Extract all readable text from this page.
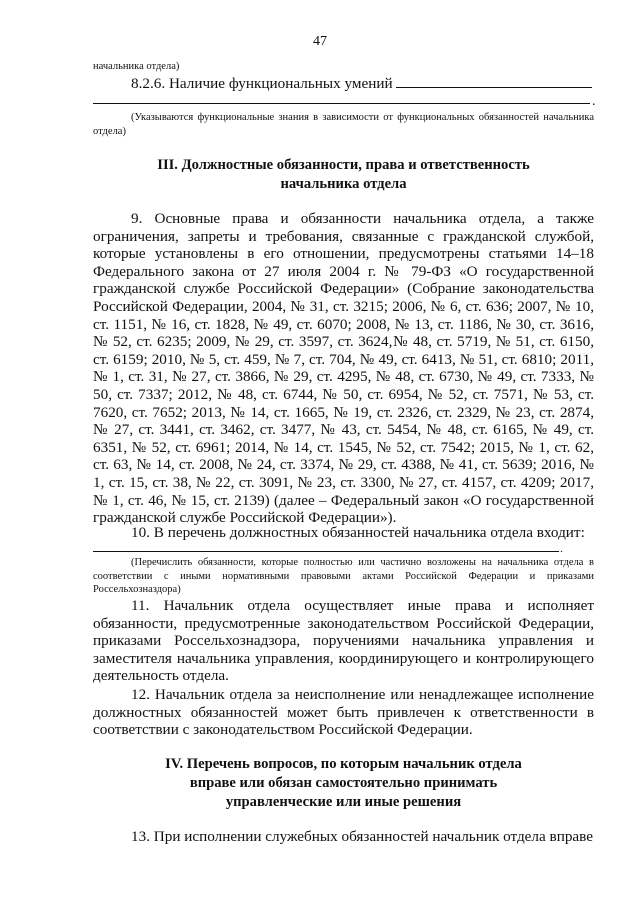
47
начальника отдела)
8.2.6. Наличие функциональных умений
.
(Указываются функциональные знания в зависимости от функциональных обязанностей начальника отдела)
III. Должностные обязанности, права и ответственность
начальника отдела
9. Основные права и обязанности начальника отдела, а также ограничения, запреты и требования, связанные с гражданской службой, которые установлены в его отношении, предусмотрены статьями 14–18 Федерального закона от 27 июля 2004 г. № 79-ФЗ «О государственной гражданской службе Российской Федерации» (Собрание законодательства Российской Федерации, 2004, № 31, ст. 3215; 2006, № 6, ст. 636; 2007, № 10, ст. 1151, № 16, ст. 1828, № 49, ст. 6070; 2008, № 13, ст. 1186, № 30, ст. 3616, № 52, ст. 6235; 2009, № 29, ст. 3597, ст. 3624,№ 48, ст. 5719, № 51, ст. 6150, ст. 6159; 2010, № 5, ст. 459, № 7, ст. 704, № 49, ст. 6413, № 51, ст. 6810; 2011, № 1, ст. 31, № 27, ст. 3866, № 29, ст. 4295, № 48, ст. 6730, № 49, ст. 7333, № 50, ст. 7337; 2012, № 48, ст. 6744, № 50, ст. 6954, № 52, ст. 7571, № 53, ст. 7620, ст. 7652; 2013, № 14, ст. 1665, № 19, ст. 2326, ст. 2329, № 23, ст. 2874, № 27, ст. 3441, ст. 3462, ст. 3477, № 43, ст. 5454, № 48, ст. 6165, № 49, ст. 6351, № 52, ст. 6961; 2014, № 14, ст. 1545, № 52, ст. 7542; 2015, № 1, ст. 62, ст. 63, № 14, ст. 2008, № 24, ст. 3374, № 29, ст. 4388, № 41, ст. 5639; 2016, № 1, ст. 15, ст. 38, № 22, ст. 3091, № 23, ст. 3300, № 27, ст. 4157, ст. 4209; 2017, № 1, ст. 46, № 15, ст. 2139) (далее – Федеральный закон «О государственной гражданской службе Российской Федерации»).
10. В перечень должностных обязанностей начальника отдела входит:
.
(Перечислить обязанности, которые полностью или частично возложены на начальника отдела в соответствии с иными нормативными правовыми актами Российской Федерации и приказами Россельхозназдора)
11. Начальник отдела осуществляет иные права и исполняет обязанности, предусмотренные законодательством Российской Федерации, приказами Россельхознадзора, поручениями начальника управления и заместителя начальника управления, координирующего и контролирующего деятельность отдела.
12. Начальник отдела за неисполнение или ненадлежащее исполнение должностных обязанностей может быть привлечен к ответственности в соответствии с законодательством Российской Федерации.
IV. Перечень вопросов, по которым начальник отдела
вправе или обязан самостоятельно принимать
управленческие или иные решения
13. При исполнении служебных обязанностей начальник отдела вправе
